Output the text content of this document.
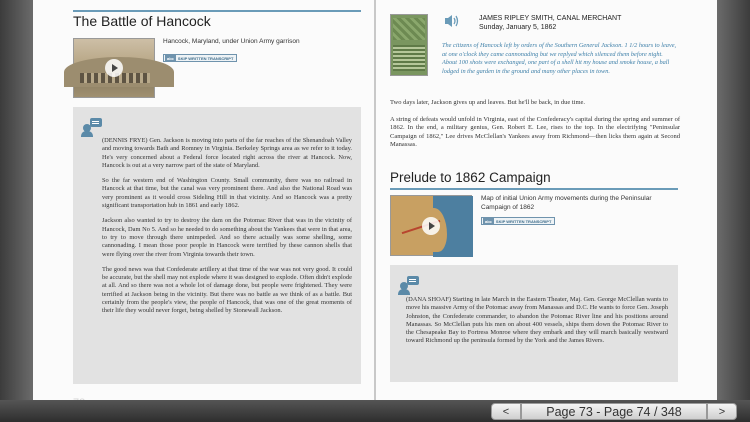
The Battle of Hancock
Hancock, Maryland, under Union Army garrison
abc	SKIP WRITTEN TRANSCRIPT

(DENNIS FRYE) Gen. Jackson is moving into parts of the far reaches of the Shenandoah Valley and moving towards Bath and Romney in Virginia. Berkeley Springs area as we refer to it today. He's very concerned about a Federal force located right across the river at Hancock. Now, Hancock is out at a very narrow part of the state of Maryland.

So the far western end of Washington County. Small community, there was no railroad in Hancock at that time, but the canal was very prominent there. And also the National Road was very prominent as it would cross Sideling Hill in that vicinity. And so Hancock was a pretty significant transportation hub in 1861 and early 1862.

Jackson also wanted to try to destroy the dam on the Potomac River that was in the vicinity of Hancock, Dam No 5. And so he needed to do something about the Yankees that were in that area, to try to move through there unimpeded. And so there actually was some shelling, some cannonading. I mean those poor people in Hancock were terrified by these cannon shells that were flying over the river from Virginia towards their town.

The good news was that Confederate artillery at that time of the war was not very good. It could be accurate, but the shell may not explode where it was designed to explode. Often didn't explode at all. And so there was not a whole lot of damage done, but people were frightened. They were terrified at Jackson being in the vicinity. But there was no battle as we think of as a battle. But certainly from the people's view, the people of Hancock, that was one of the great moments of their life they would never forget, being shelled by Stonewall Jackson.

JAMES RIPLEY SMITH, CANAL MERCHANT
Sunday, January 5, 1862
The citizens of Hancock left by orders of the Southern General Jackson. 1 1/2 hours to leave, at one o'clock they came cannonading but we replyed which silenced them before night. About 100 shots were exchanged, one part of a shell hit my house and smoke house, a ball lodged in the garden in the ground and many other places in town.
Two days later, Jackson gives up and leaves. But he'll be back, in due time.
A string of defeats would unfold in Virginia, east of the Confederacy's capital during the spring and summer of 1862. In the end, a military genius, Gen. Robert E. Lee, rises to the top. In the electrifying "Peninsular Campaign of 1862," Lee drives McClellan's Yankees away from Richmond—then licks them again at Second Manassas.
Prelude to 1862 Campaign
Map of initial Union Army movements during the Peninsular Campaign of 1862
abc	SKIP WRITTEN TRANSCRIPT
(DANA SHOAF) Starting in late March in the Eastern Theater, Maj. Gen. George McClellan wants to move his massive Army of the Potomac away from Manassas and D.C. He wants to force Gen. Joseph Johnston, the Confederate commander, to abandon the Potomac River line and his positions around Manassas. So McClellan puts his men on about 400 vessels, ships them down the Potomac River to the Chesapeake Bay to Fortress Monroe where they embark and they will march basically westward toward Richmond up the peninsula formed by the York and the James Rivers.
<	Page 73 - Page 74 / 348	>
